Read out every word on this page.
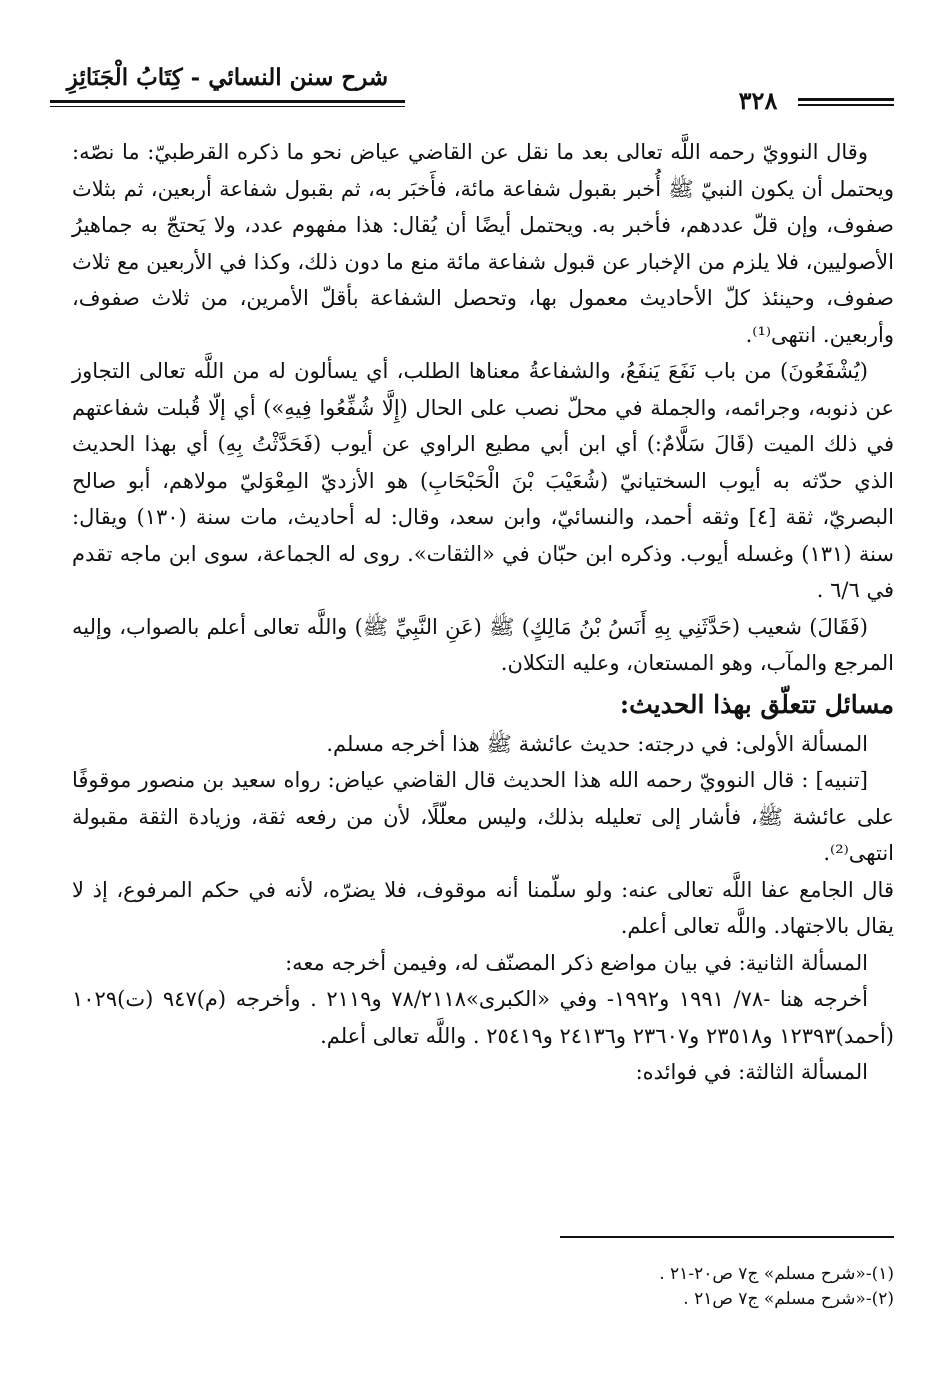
شرح سنن النسائي - كِتَابُ الْجَنَائِزِ
٣٢٨

وقال النوويّ رحمه اللَّه تعالى بعد ما نقل عن القاضي عياض نحو ما ذكره القرطبيّ: ما نصّه: ويحتمل أن يكون النبيّ ﷺ أُخبر بقبول شفاعة مائة، فأَخبَر به، ثم بقبول شفاعة أربعين، ثم بثلاث صفوف، وإن قلّ عددهم، فأخبر به. ويحتمل أيضًا أن يُقال: هذا مفهوم عدد، ولا يَحتجّ به جماهيرُ الأصوليين، فلا يلزم من الإخبار عن قبول شفاعة مائة منع ما دون ذلك، وكذا في الأربعين مع ثلاث صفوف، وحينئذ كلّ الأحاديث معمول بها، وتحصل الشفاعة بأقلّ الأمرين، من ثلاث صفوف، وأربعين. انتهى⁽¹⁾.

(يُشْفَعُونَ) من باب نَفَعَ يَنفَعُ، والشفاعةُ معناها الطلب، أي يسألون له من اللَّه تعالى التجاوز عن ذنوبه، وجرائمه، والجملة في محلّ نصب على الحال (إِلَّا شُفِّعُوا فِيهِ») أي إلّا قُبلت شفاعتهم في ذلك الميت (قَالَ سَلَّامٌ:) أي ابن أبي مطيع الراوي عن أيوب (فَحَدَّثْتُ بِهِ) أي بهذا الحديث الذي حدّثه به أيوب السختيانيّ (شُعَيْبَ بْنَ الْحَبْحَابِ) هو الأزديّ المِعْوَليّ مولاهم، أبو صالح البصريّ، ثقة [٤] وثقه أحمد، والنسائيّ، وابن سعد، وقال: له أحاديث، مات سنة (١٣٠) ويقال: سنة (١٣١) وغسله أيوب. وذكره ابن حبّان في «الثقات». روى له الجماعة، سوى ابن ماجه تقدم في ٦/٦ .

(فَقَالَ) شعيب (حَدَّثَنِي بِهِ أَنَسُ بْنُ مَالِكٍ) ﷺ (عَنِ النَّبِيِّ ﷺ) واللَّه تعالى أعلم بالصواب، وإليه المرجع والمآب، وهو المستعان، وعليه التكلان.

مسائل تتعلّق بهذا الحديث:

المسألة الأولى: في درجته: حديث عائشة ﷺ هذا أخرجه مسلم.

[تنبيه] : قال النوويّ رحمه الله هذا الحديث قال القاضي عياض: رواه سعيد بن منصور موقوفًا على عائشة ﷺ، فأشار إلى تعليله بذلك، وليس معلّلًا، لأن من رفعه ثقة، وزيادة الثقة مقبولة انتهى⁽²⁾.

قال الجامع عفا اللَّه تعالى عنه: ولو سلّمنا أنه موقوف، فلا يضرّه، لأنه في حكم المرفوع، إذ لا يقال بالاجتهاد. واللَّه تعالى أعلم.

المسألة الثانية: في بيان مواضع ذكر المصنّف له، وفيمن أخرجه معه:

أخرجه هنا -٧٨/ ١٩٩١ و١٩٩٢- وفي «الكبرى»٧٨/٢١١٨ و٢١١٩ . وأخرجه (م)٩٤٧ (ت)١٠٢٩ (أحمد)١٢٣٩٣ و٢٣٥١٨ و٢٣٦٠٧ و٢٤١٣٦ و٢٥٤١٩ . واللَّه تعالى أعلم.

المسألة الثالثة: في فوائده:

(١)-«شرح مسلم» ج٧ ص٢٠-٢١ .

(٢)-«شرح مسلم» ج٧ ص٢١ .
